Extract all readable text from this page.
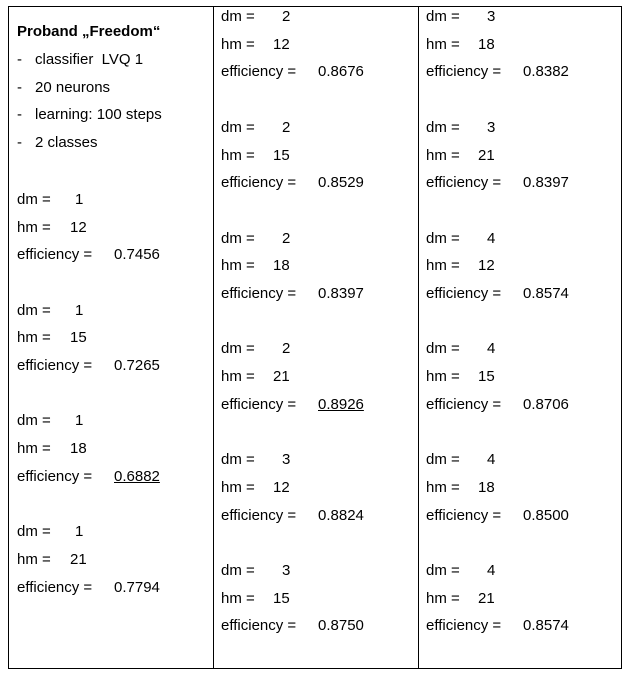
Proband „Freedom“
- classifier  LVQ 1
- 20 neurons
- learning: 100 steps
- 2 classes
dm = 1
hm = 12
efficiency = 0.7456
dm = 1
hm = 15
efficiency = 0.7265
dm = 1
hm = 18
efficiency = 0.6882
dm = 1
hm = 21
efficiency = 0.7794
dm = 2
hm = 12
efficiency = 0.8676
dm = 2
hm = 15
efficiency = 0.8529
dm = 2
hm = 18
efficiency = 0.8397
dm = 2
hm = 21
efficiency = 0.8926
dm = 3
hm = 12
efficiency = 0.8824
dm = 3
hm = 15
efficiency = 0.8750
dm = 3
hm = 18
efficiency = 0.8382
dm = 3
hm = 21
efficiency = 0.8397
dm = 4
hm = 12
efficiency = 0.8574
dm = 4
hm = 15
efficiency = 0.8706
dm = 4
hm = 18
efficiency = 0.8500
dm = 4
hm = 21
efficiency = 0.8574
